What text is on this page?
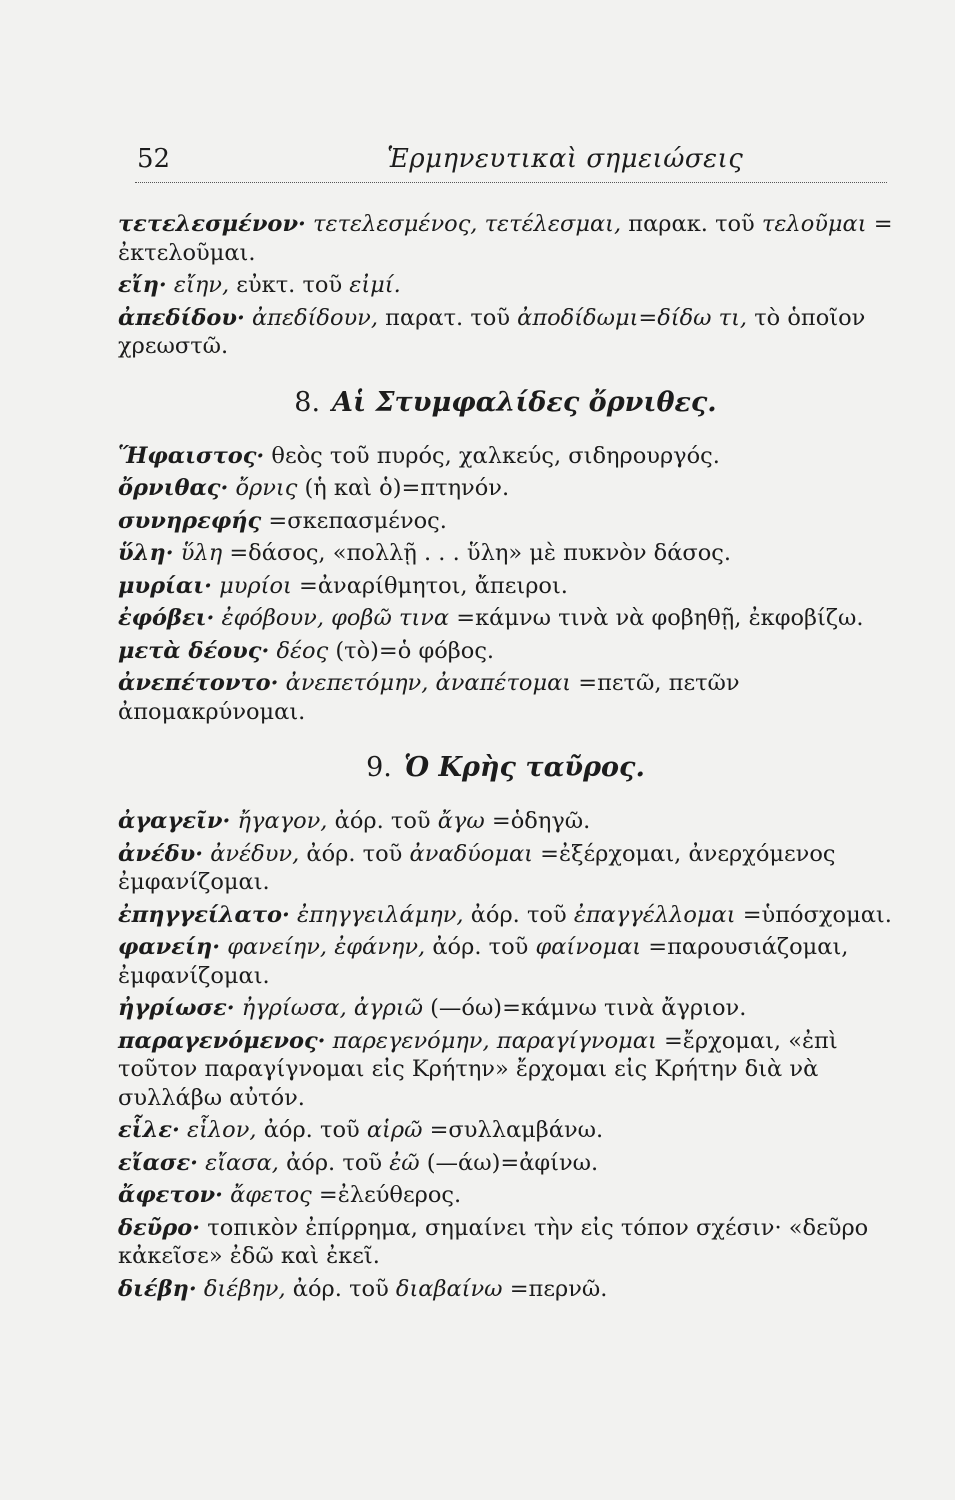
52	Ἑρμηνευτικαὶ σημειώσεις
τετελεσμένον· τετελεσμένος, τετέλεσμαι, παρακ. τοῦ τελοῦμαι = ἐκτελοῦμαι.
εἴη· εἴην, εὐκτ. τοῦ εἰμί.
ἀπεδίδου· ἀπεδίδουν, παρατ. τοῦ ἀποδίδωμι=δίδω τι, τὸ ὁποῖον χρεωστῶ.
8. Αἱ Στυμφαλίδες ὄρνιθες.
Ἥφαιστος· θεὸς τοῦ πυρός, χαλκεύς, σιδηρουργός.
ὄρνιθας· ὄρνις (ἡ καὶ ὁ)=πτηνόν.
συνηρεφής =σκεπασμένος.
ὕλη· ὕλη =δάσος, «πολλῇ . . . ὕλη» μὲ πυκνὸν δάσος.
μυρίαι· μυρίοι =ἀναρίθμητοι, ἄπειροι.
ἐφόβει· ἐφόβουν, φοβῶ τινα =κάμνω τινὰ νὰ φοβηθῇ, ἐκφοβίζω.
μετὰ δέους· δέος (τὸ)=ὁ φόβος.
ἀνεπέτοντο· ἀνεπετόμην, ἀναπέτομαι =πετῶ, πετῶν ἀπομακρύνομαι.
9. Ὁ Κρὴς ταῦρος.
ἀγαγεῖν· ἤγαγον, ἀόρ. τοῦ ἄγω =ὁδηγῶ.
ἀνέδυ· ἀνέδυν, ἀόρ. τοῦ ἀναδύομαι =ἐξέρχομαι, ἀνερχόμενος ἐμφανίζομαι.
ἐπηγγείλατο· ἐπηγγειλάμην, ἀόρ. τοῦ ἐπαγγέλλομαι =ὑπόσχομαι.
φανείη· φανείην, ἐφάνην, ἀόρ. τοῦ φαίνομαι =παρουσιάζομαι, ἐμφανίζομαι.
ἠγρίωσε· ἠγρίωσα, ἀγριῶ (—όω)=κάμνω τινὰ ἄγριον.
παραγενόμενος· παρεγενόμην, παραγίγνομαι =ἔρχομαι, «ἐπὶ τοῦτον παραγίγνομαι εἰς Κρήτην» ἔρχομαι εἰς Κρήτην διὰ νὰ συλλάβω αὐτόν.
εἷλε· εἷλον, ἀόρ. τοῦ αἱρῶ =συλλαμβάνω.
εἴασε· εἴασα, ἀόρ. τοῦ ἐῶ (—άω)=ἀφίνω.
ἄφετον· ἄφετος =ἐλεύθερος.
δεῦρο· τοπικὸν ἐπίρρημα, σημαίνει τὴν εἰς τόπον σχέσιν· «δεῦρο κἀκεῖσε» ἐδῶ καὶ ἐκεῖ.
διέβη· διέβην, ἀόρ. τοῦ διαβαίνω =περνῶ.
